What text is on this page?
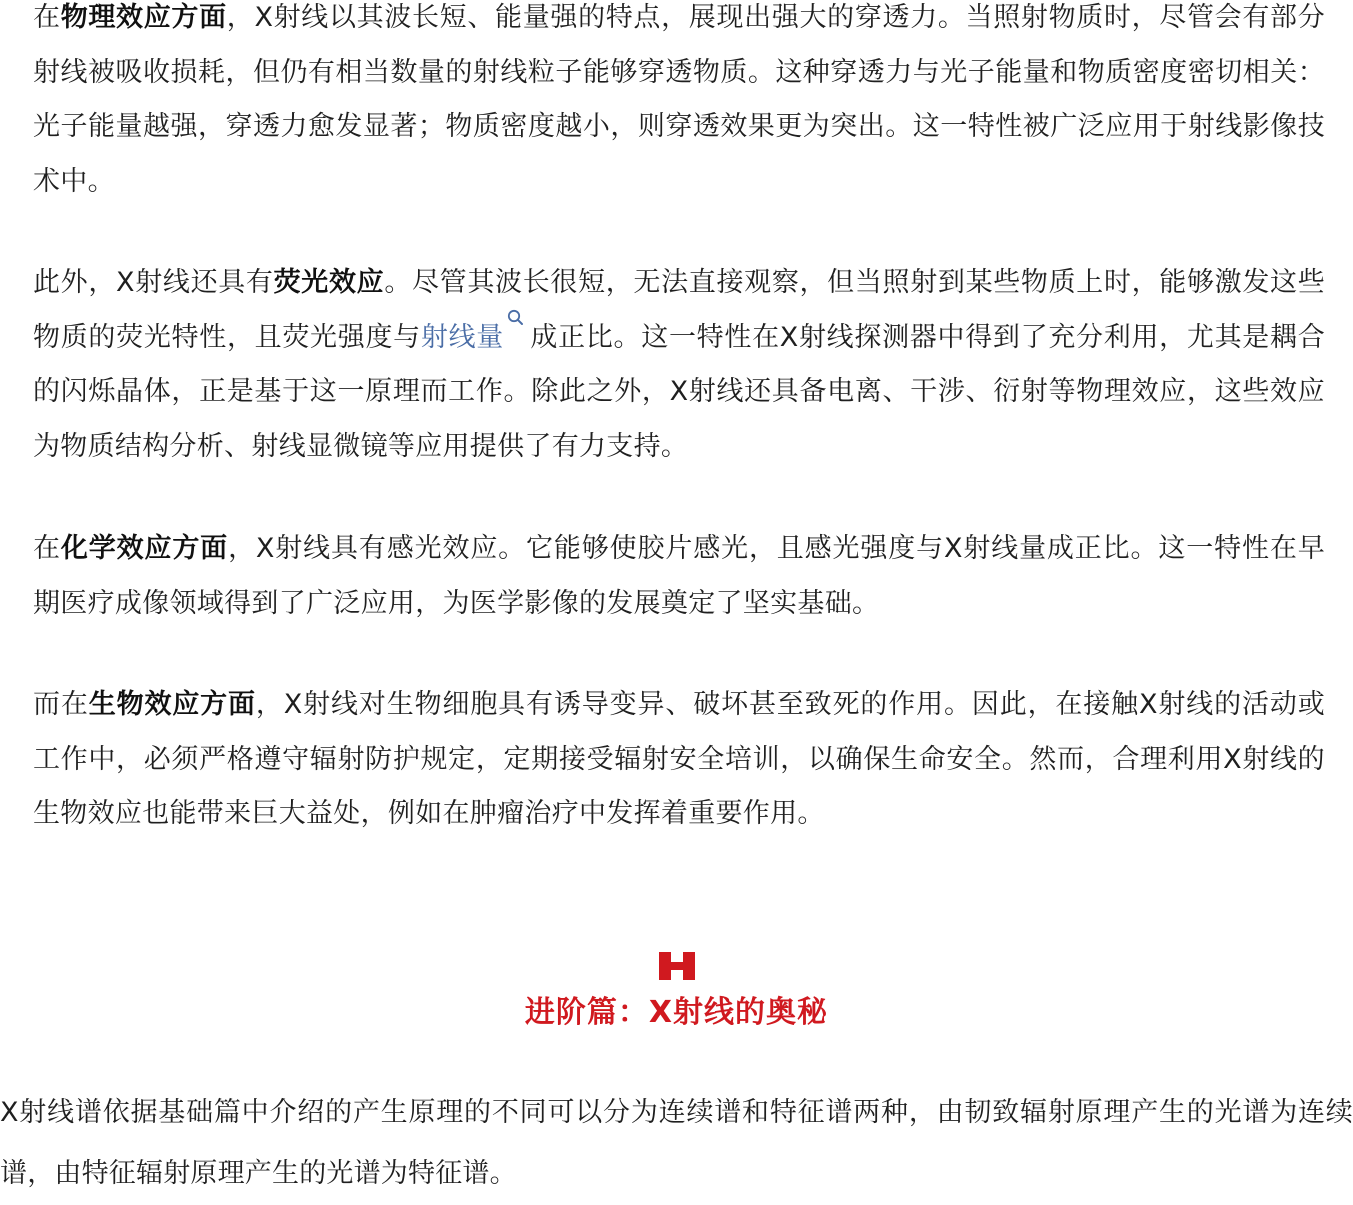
在物理效应方面，X射线以其波长短、能量强的特点，展现出强大的穿透力。当照射物质时，尽管会有部分射线被吸收损耗，但仍有相当数量的射线粒子能够穿透物质。这种穿透力与光子能量和物质密度密切相关：光子能量越强，穿透力愈发显著；物质密度越小，则穿透效果更为突出。这一特性被广泛应用于射线影像技术中。

此外，X射线还具有荧光效应。尽管其波长很短，无法直接观察，但当照射到某些物质上时，能够激发这些物质的荧光特性，且荧光强度与射线量 成正比。这一特性在X射线探测器中得到了充分利用，尤其是耦合的闪烁晶体，正是基于这一原理而工作。除此之外，X射线还具备电离、干涉、衍射等物理效应，这些效应为物质结构分析、射线显微镜等应用提供了有力支持。

在化学效应方面，X射线具有感光效应。它能够使胶片感光，且感光强度与X射线量成正比。这一特性在早期医疗成像领域得到了广泛应用，为医学影像的发展奠定了坚实基础。

而在生物效应方面，X射线对生物细胞具有诱导变异、破坏甚至致死的作用。因此，在接触X射线的活动或工作中，必须严格遵守辐射防护规定，定期接受辐射安全培训，以确保生命安全。然而，合理利用X射线的生物效应也能带来巨大益处，例如在肿瘤治疗中发挥着重要作用。

进阶篇：X射线的奥秘

X射线谱依据基础篇中介绍的产生原理的不同可以分为连续谱和特征谱两种，由韧致辐射原理产生的光谱为连续谱，由特征辐射原理产生的光谱为特征谱。
